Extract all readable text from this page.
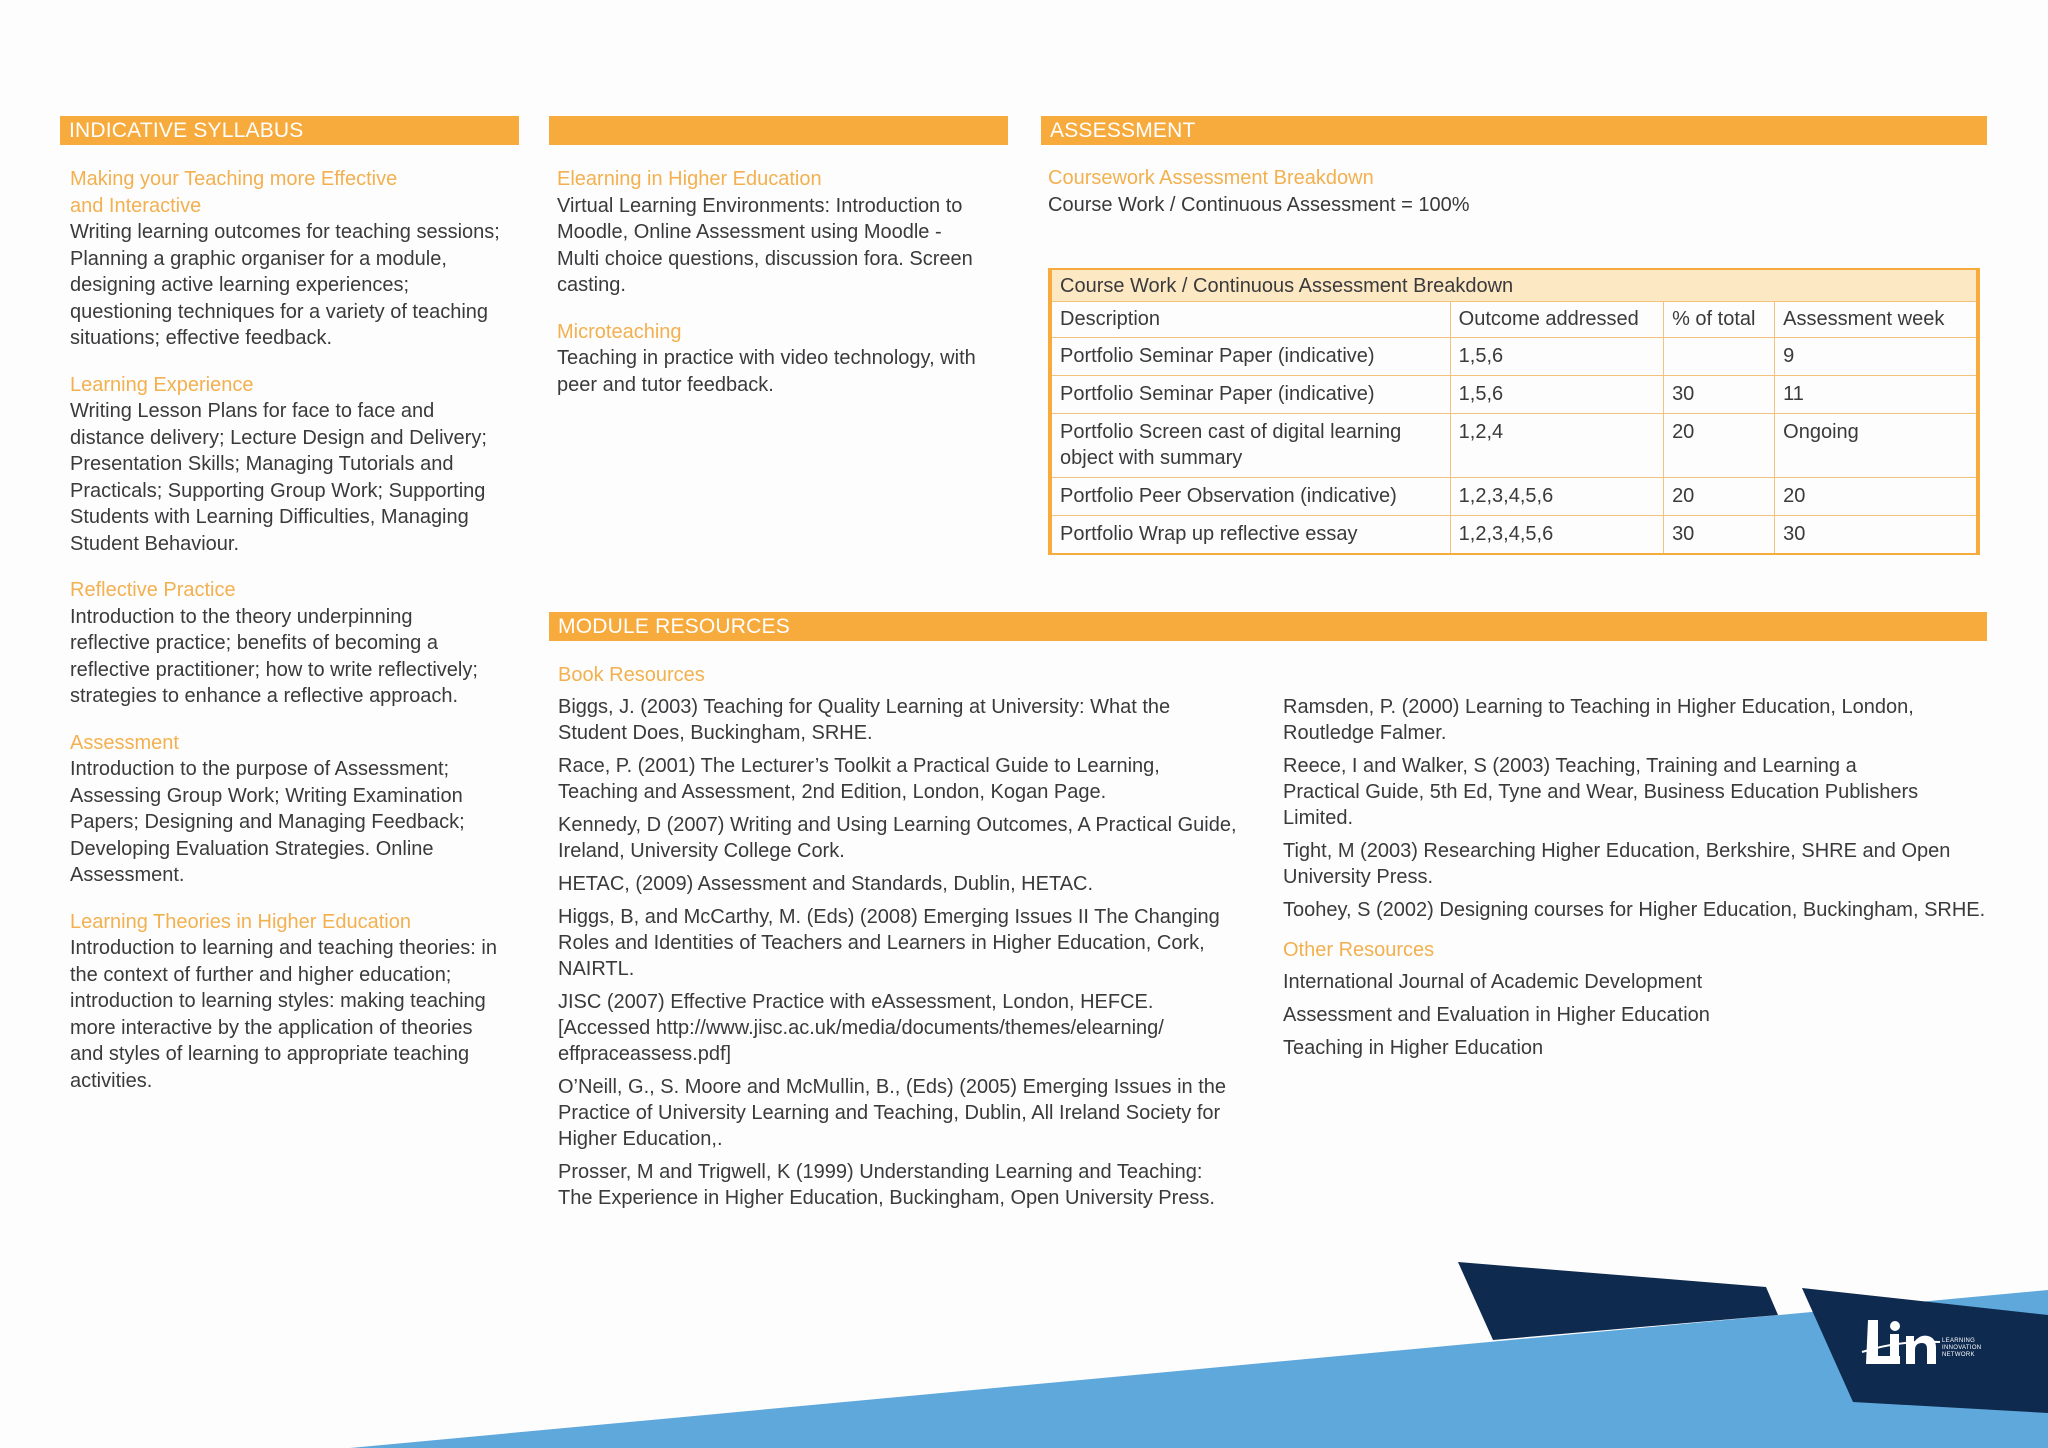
INDICATIVE SYLLABUS	ASSESSMENT
Making your Teaching more Effective and Interactive
Writing learning outcomes for teaching sessions; Planning a graphic organiser for a module, designing active learning experiences; questioning techniques for a variety of teaching situations; effective feedback.
Learning Experience
Writing Lesson Plans for face to face and distance delivery; Lecture Design and Delivery; Presentation Skills; Managing Tutorials and Practicals; Supporting Group Work; Supporting Students with Learning Difficulties, Managing Student Behaviour.
Reflective Practice
Introduction to the theory underpinning reflective practice; benefits of becoming a reflective practitioner; how to write reflectively; strategies to enhance a reflective approach.
Assessment
Introduction to the purpose of Assessment; Assessing Group Work; Writing Examination Papers; Designing and Managing Feedback; Developing Evaluation Strategies. Online Assessment.
Learning Theories in Higher Education
Introduction to learning and teaching theories: in the context of further and higher education; introduction to learning styles: making teaching more interactive by the application of theories and styles of learning to appropriate teaching activities.
Elearning in Higher Education
Virtual Learning Environments: Introduction to Moodle, Online Assessment using Moodle - Multi choice questions, discussion fora. Screen casting.
Microteaching
Teaching in practice with video technology, with peer and tutor feedback.
Coursework Assessment Breakdown
Course Work / Continuous Assessment = 100%
Course Work / Continuous Assessment Breakdown			
Description	Outcome addressed	% of total	Assessment week
Portfolio Seminar Paper (indicative)	1,5,6		9
Portfolio Seminar Paper (indicative)	1,5,6	30	11
Portfolio Screen cast of digital learning object with summary	1,2,4	20	Ongoing
Portfolio Peer Observation (indicative)	1,2,3,4,5,6	20	20
Portfolio Wrap up reflective essay	1,2,3,4,5,6	30	30
MODULE RESOURCES
Book Resources
Biggs, J. (2003) Teaching for Quality Learning at University: What the Student Does, Buckingham, SRHE.
Race, P. (2001) The Lecturer’s Toolkit a Practical Guide to Learning, Teaching and Assessment, 2nd Edition, London, Kogan Page.
Kennedy, D (2007) Writing and Using Learning Outcomes, A Practical Guide, Ireland, University College Cork.
HETAC, (2009) Assessment and Standards, Dublin, HETAC.
Higgs, B, and McCarthy, M. (Eds) (2008) Emerging Issues II The Changing Roles and Identities of Teachers and Learners in Higher Education, Cork, NAIRTL.
JISC (2007) Effective Practice with eAssessment, London, HEFCE. [Accessed http://www.jisc.ac.uk/media/documents/themes/elearning/ effpraceassess.pdf]
O’Neill, G., S. Moore and McMullin, B., (Eds) (2005) Emerging Issues in the Practice of University Learning and Teaching, Dublin, All Ireland Society for Higher Education,.
Prosser, M and Trigwell, K (1999) Understanding Learning and Teaching: The Experience in Higher Education, Buckingham, Open University Press.
Ramsden, P. (2000) Learning to Teaching in Higher Education, London, Routledge Falmer.
Reece, I and Walker, S (2003) Teaching, Training and Learning a Practical Guide, 5th Ed, Tyne and Wear, Business Education Publishers Limited.
Tight, M (2003) Researching Higher Education, Berkshire, SHRE and Open University Press.
Toohey, S (2002) Designing courses for Higher Education, Buckingham, SRHE.
Other Resources
International Journal of Academic Development
Assessment and Evaluation in Higher Education
Teaching in Higher Education
LEARNING
INNOVATION
NETWORK
